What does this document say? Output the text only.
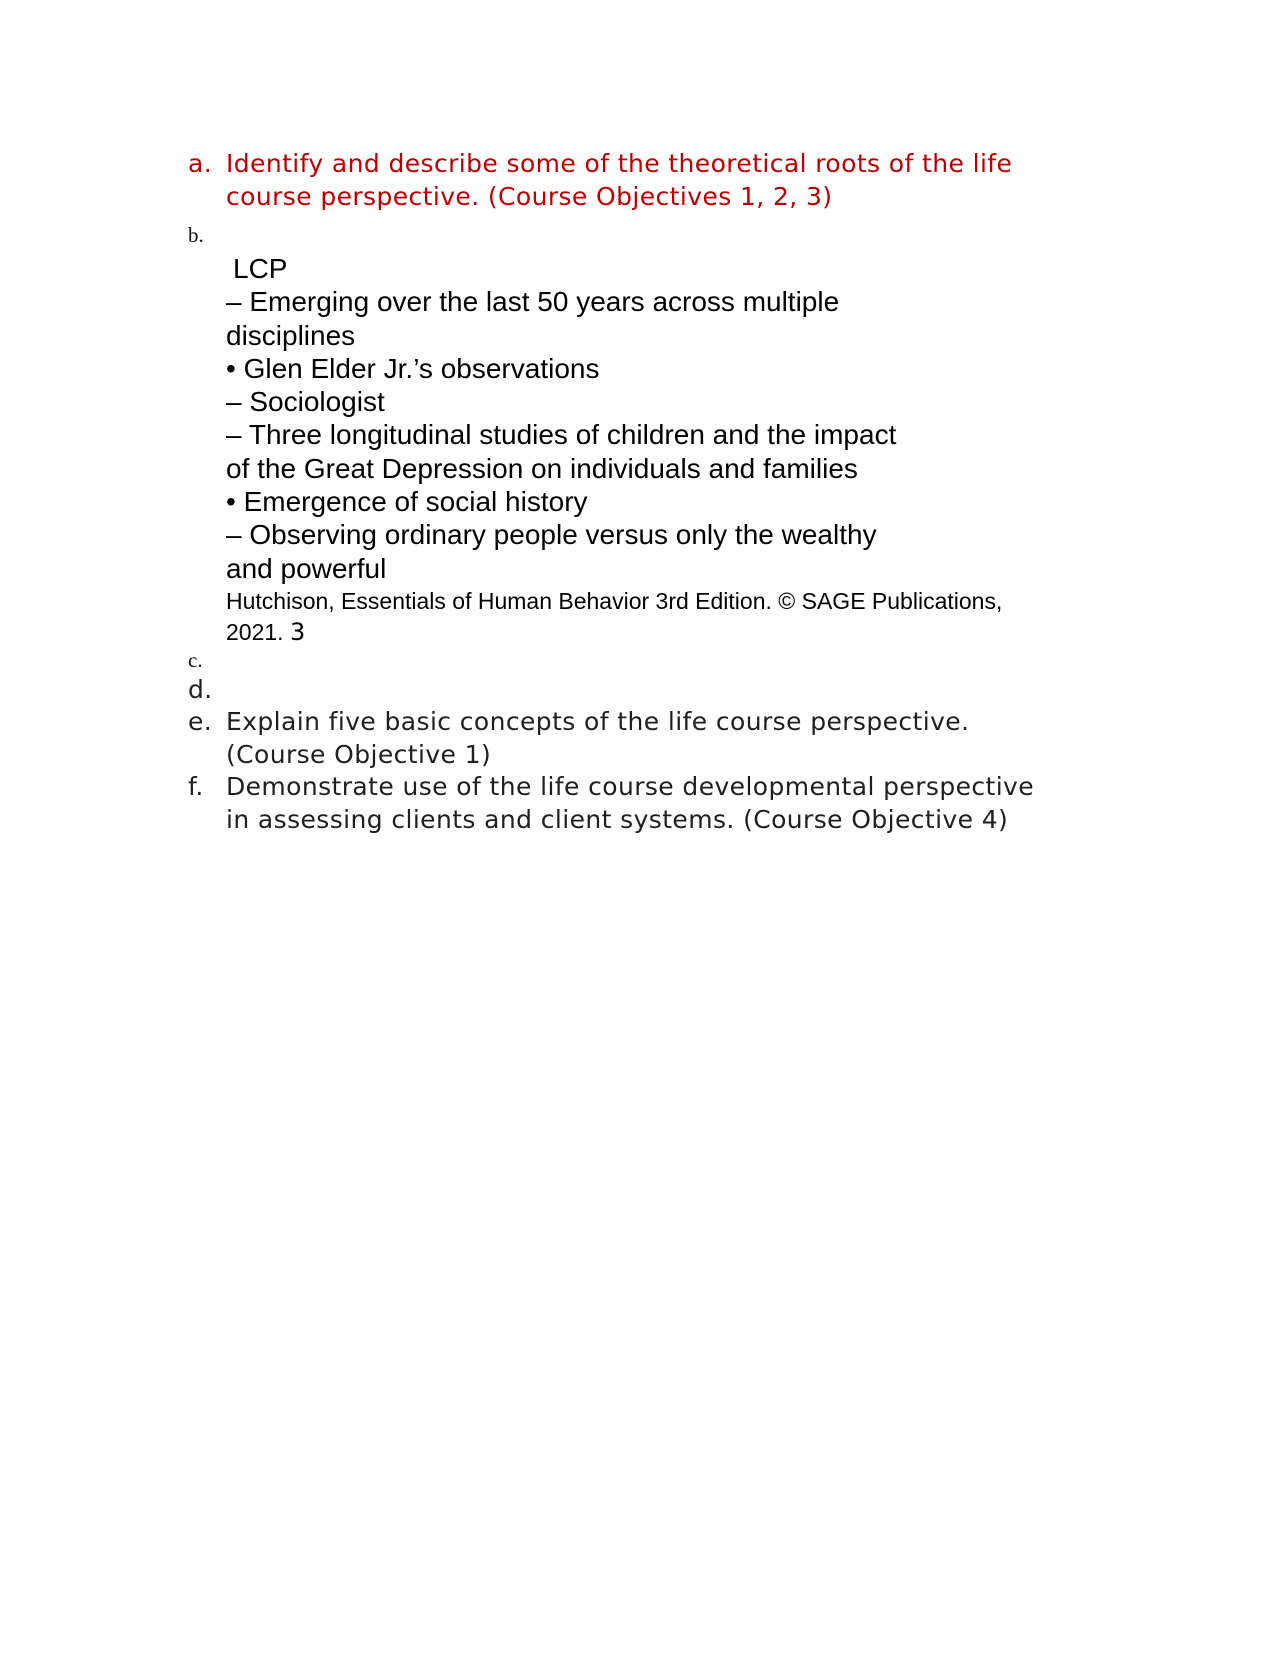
a. Identify and describe some of the theoretical roots of the life
course perspective. (Course Objectives 1, 2, 3)
b.
LCP
– Emerging over the last 50 years across multiple
disciplines
• Glen Elder Jr.’s observations
– Sociologist
– Three longitudinal studies of children and the impact
of the Great Depression on individuals and families
• Emergence of social history
– Observing ordinary people versus only the wealthy
and powerful
Hutchison, Essentials of Human Behavior 3rd Edition. © SAGE Publications,
2021. 3
c.
d.
e. Explain five basic concepts of the life course perspective.
(Course Objective 1)
f. Demonstrate use of the life course developmental perspective
in assessing clients and client systems. (Course Objective 4)
